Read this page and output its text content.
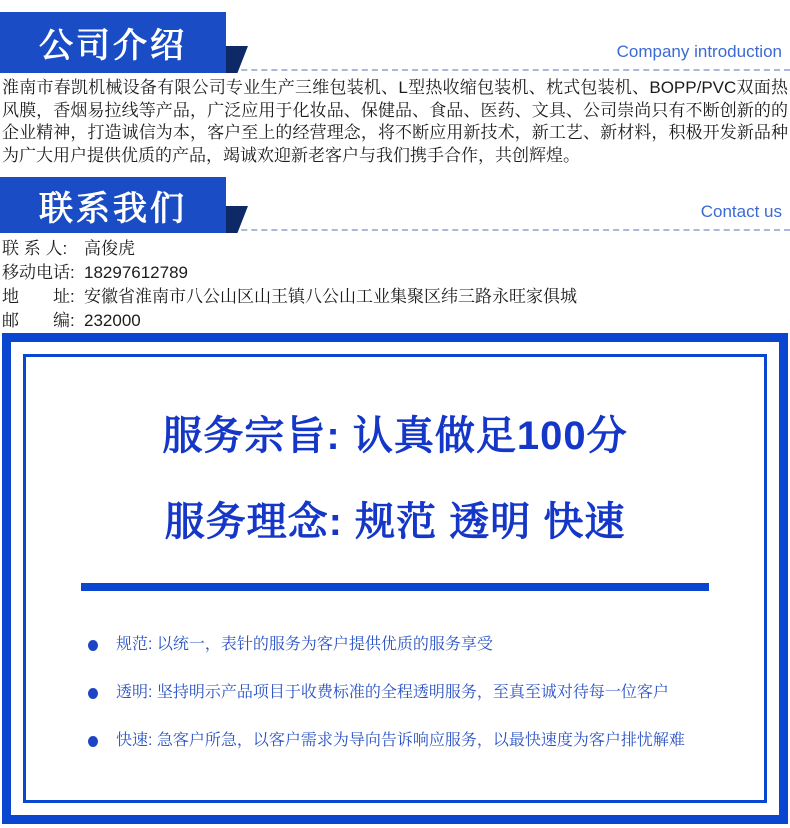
公司介绍	Company introduction

淮南市春凯机械设备有限公司专业生产三维包装机、L型热收缩包装机、枕式包装机、BOPP/PVC双面热风膜，香烟易拉线等产品，广泛应用于化妆品、保健品、食品、医药、文具、公司崇尚只有不断创新的的企业精神，打造诚信为本，客户至上的经营理念，将不断应用新技术，新工艺、新材料，积极开发新品种为广大用户提供优质的产品，竭诚欢迎新老客户与我们携手合作，共创辉煌。

联系我们	Contact us
联 系 人: 高俊虎
移动电话: 18297612789
地　　址: 安徽省淮南市八公山区山王镇八公山工业集聚区纬三路永旺家俱城
邮　　编: 232000
服务宗旨: 认真做足100分
服务理念: 规范 透明 快速
规范: 以统一，表针的服务为客户提供优质的服务享受
透明: 坚持明示产品项目于收费标准的全程透明服务，至真至诚对待每一位客户
快速: 急客户所急，以客户需求为导向告诉响应服务，以最快速度为客户排忧解难
